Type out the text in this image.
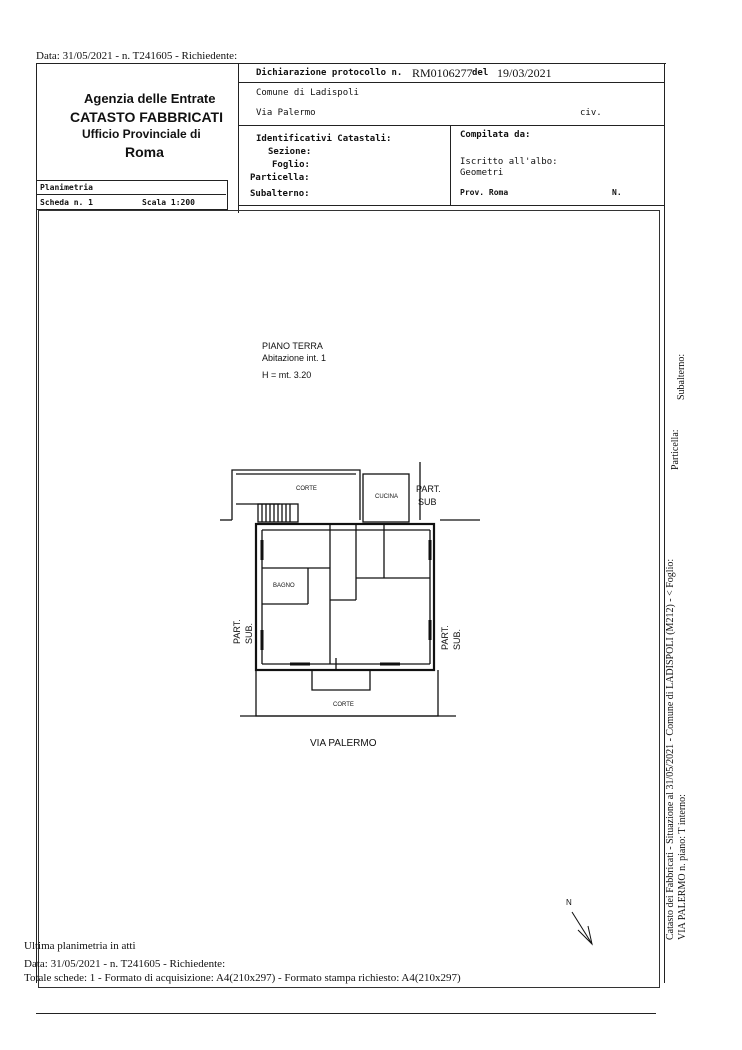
Data: 31/05/2021 - n. T241605 - Richiedente:
Agenzia delle Entrate
CATASTO FABBRICATI
Ufficio Provinciale di
Roma
Dichiarazione protocollo n. RM0106277 del 19/03/2021
Comune di Ladispoli
Via Palermo	civ.
Identificativi Catastali:
Sezione:
Foglio:
Particella:
Subalterno:
Compilata da:
Iscritto all'albo:
Geometri
Prov. Roma	N.
Planimetria
Scheda n. 1	Scala 1:200
PIANO TERRA
Abitazione int. 1
H = mt. 3.20
CORTE
CUCINA
PART.
SUB
BAGNO
CORTE
VIA PALERMO
N
PART. SUB.	PART. SUB.	Catasto dei Fabbricati - Situazione al 31/05/2021 - Comune di LADISPOLI (M212) - < Foglio: VIA PALERMO n. piano: T interno:
Subalterno:
Particella:
Ultima planimetria in atti
Data: 31/05/2021 - n. T241605 - Richiedente:
Totale schede: 1 - Formato di acquisizione: A4(210x297) - Formato stampa richiesto: A4(210x297)
